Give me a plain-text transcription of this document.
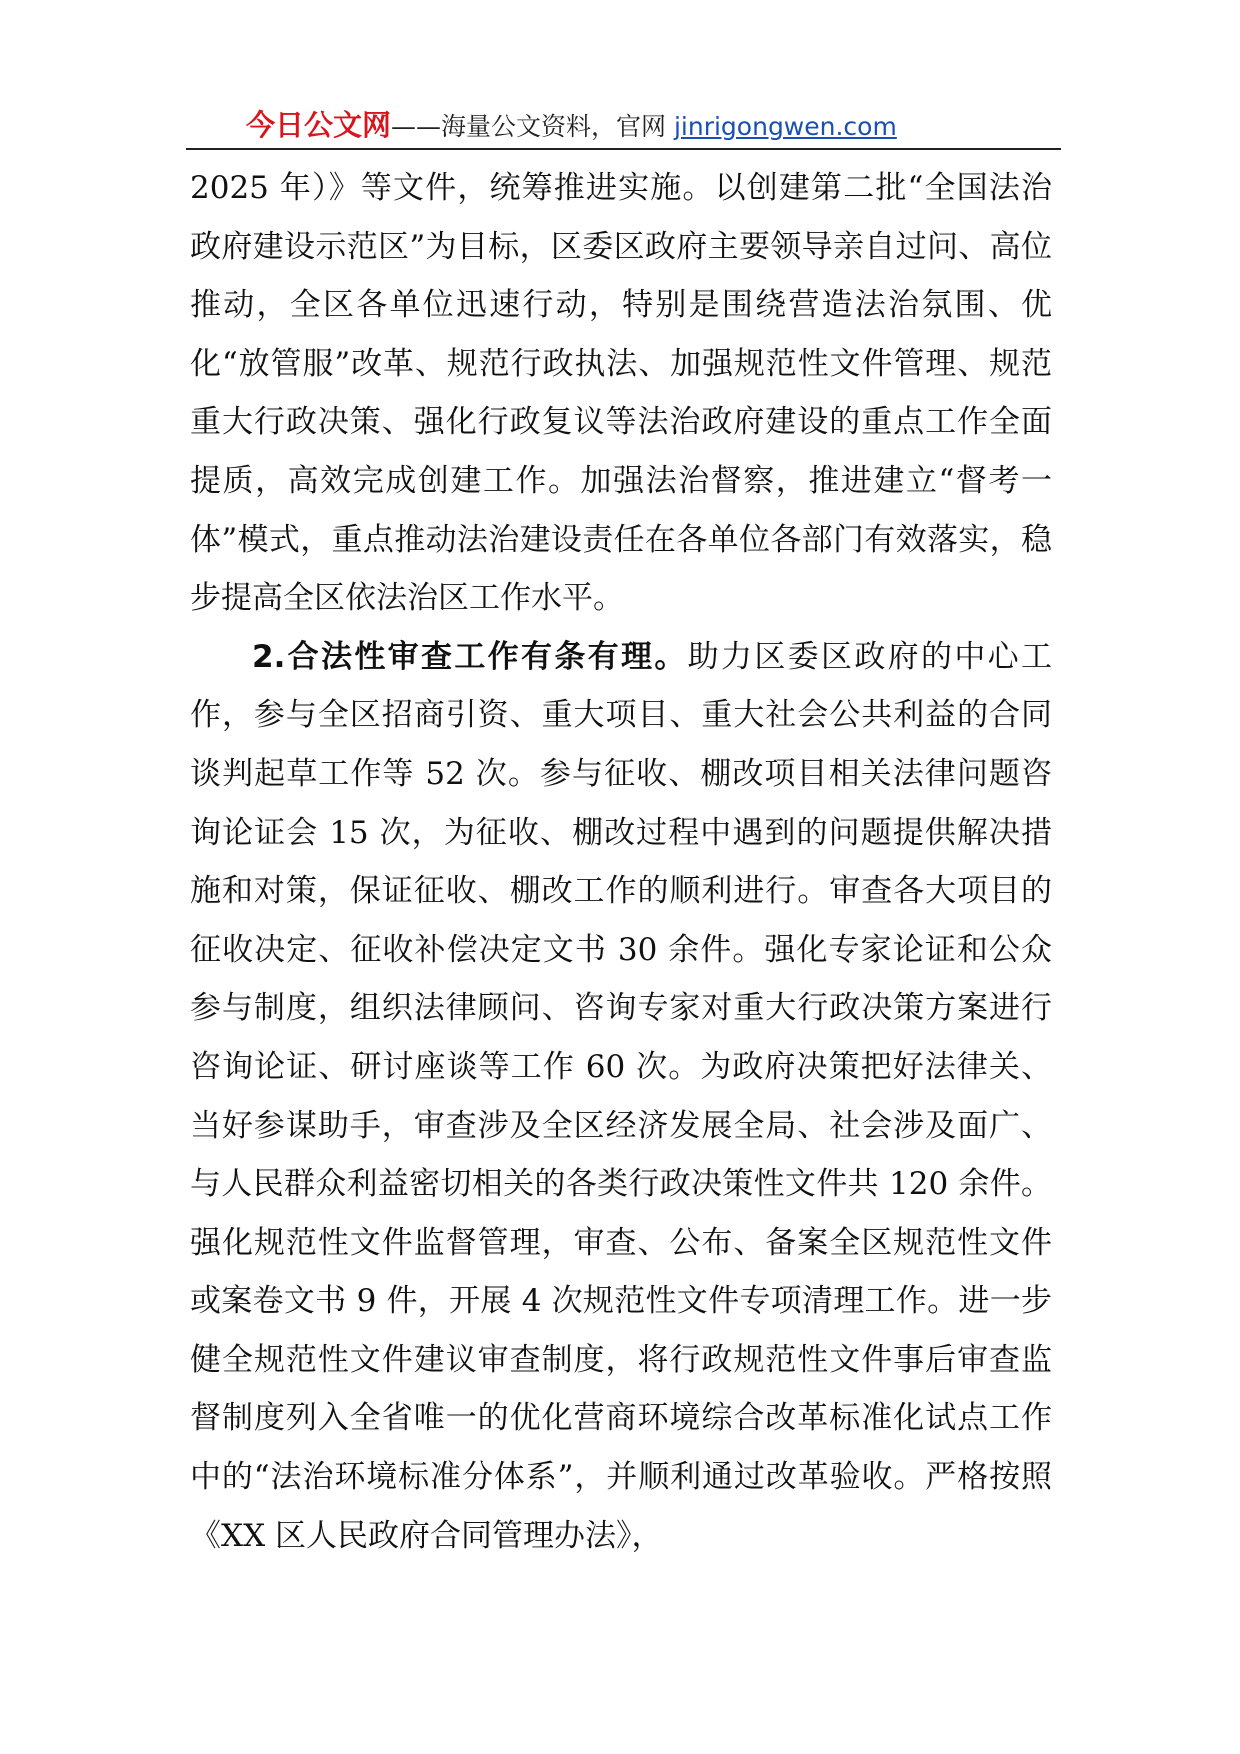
今日公文网——海量公文资料，官网 jinrigongwen.com

2025 年）》等文件，统筹推进实施。以创建第二批“全国法治政府建设示范区”为目标，区委区政府主要领导亲自过问、高位推动，全区各单位迅速行动，特别是围绕营造法治氛围、优化“放管服”改革、规范行政执法、加强规范性文件管理、规范重大行政决策、强化行政复议等法治政府建设的重点工作全面提质，高效完成创建工作。加强法治督察，推进建立“督考一体”模式，重点推动法治建设责任在各单位各部门有效落实，稳步提高全区依法治区工作水平。

2.合法性审查工作有条有理。助力区委区政府的中心工作，参与全区招商引资、重大项目、重大社会公共利益的合同谈判起草工作等 52 次。参与征收、棚改项目相关法律问题咨询论证会 15 次，为征收、棚改过程中遇到的问题提供解决措施和对策，保证征收、棚改工作的顺利进行。审查各大项目的征收决定、征收补偿决定文书 30 余件。强化专家论证和公众参与制度，组织法律顾问、咨询专家对重大行政决策方案进行咨询论证、研讨座谈等工作 60 次。为政府决策把好法律关、当好参谋助手，审查涉及全区经济发展全局、社会涉及面广、与人民群众利益密切相关的各类行政决策性文件共 120 余件。强化规范性文件监督管理，审查、公布、备案全区规范性文件或案卷文书 9 件，开展 4 次规范性文件专项清理工作。进一步健全规范性文件建议审查制度，将行政规范性文件事后审查监督制度列入全省唯一的优化营商环境综合改革标准化试点工作中的“法治环境标准分体系”，并顺利通过改革验收。严格按照《XX 区人民政府合同管理办法》，
